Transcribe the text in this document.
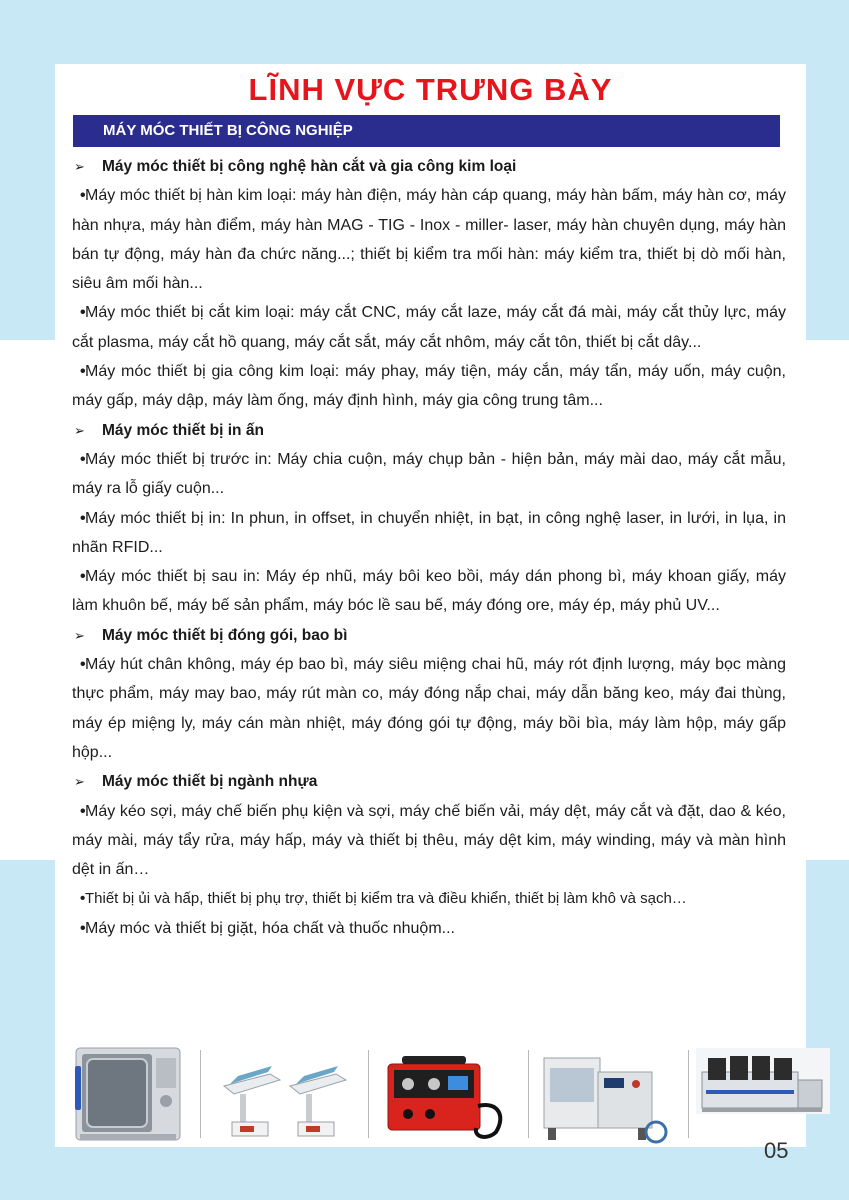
LĨNH VỰC TRƯNG BÀY
MÁY MÓC THIẾT BỊ CÔNG NGHIỆP
➢ Máy móc thiết bị công nghệ hàn cắt và gia công kim loại
•Máy móc thiết bị hàn kim loại: máy hàn điện, máy hàn cáp quang, máy hàn bấm, máy hàn cơ, máy hàn nhựa, máy hàn điểm, máy hàn MAG - TIG - Inox - miller- laser, máy hàn chuyên dụng, máy hàn bán tự động, máy hàn đa chức năng...; thiết bị kiểm tra mối hàn: máy kiểm tra, thiết bị dò mối hàn, siêu âm mối hàn...
•Máy móc thiết bị cắt kim loại: máy cắt CNC, máy cắt laze, máy cắt đá mài, máy cắt thủy lực, máy cắt plasma, máy cắt hồ quang, máy cắt sắt, máy cắt nhôm, máy cắt tôn, thiết bị cắt dây...
•Máy móc thiết bị gia công kim loại: máy phay, máy tiện, máy cắn, máy tẩn, máy uốn, máy cuộn, máy gấp, máy dập, máy làm ống, máy định hình, máy gia công trung tâm...
➢ Máy móc thiết bị in ấn
•Máy móc thiết bị trước in: Máy chia cuộn, máy chụp bản - hiện bản, máy mài dao, máy cắt mẫu, máy ra lỗ giấy cuộn...
•Máy móc thiết bị in: In phun, in offset, in chuyển nhiệt, in bạt, in công nghệ laser, in lưới, in lụa, in nhãn RFID...
•Máy móc thiết bị sau in: Máy ép nhũ, máy bôi keo bồi, máy dán phong bì, máy khoan giấy, máy làm khuôn bế, máy bế sản phẩm, máy bóc lề sau bế, máy đóng ore, máy ép, máy phủ UV...
➢ Máy móc thiết bị đóng gói, bao bì
•Máy hút chân không, máy ép bao bì, máy siêu miệng chai hũ, máy rót định lượng, máy bọc màng thực phẩm, máy may bao, máy rút màn co, máy đóng nắp chai, máy dẫn băng keo, máy đai thùng, máy ép miệng ly, máy cán màn nhiệt, máy đóng gói tự động, máy bồi bìa, máy làm hộp, máy gấp hộp...
➢ Máy móc thiết bị ngành nhựa
•Máy kéo sợi, máy chế biến phụ kiện và sợi, máy chế biến vải, máy dệt, máy cắt và đặt, dao & kéo, máy mài, máy tẩy rửa, máy hấp, máy và thiết bị thêu, máy dệt kim, máy winding, máy và màn hình dệt in ấn…
•Thiết bị ủi và hấp, thiết bị phụ trợ, thiết bị kiểm tra và điều khiển, thiết bị làm khô và sạch…
•Máy móc và thiết bị giặt, hóa chất và thuốc nhuộm...
05
